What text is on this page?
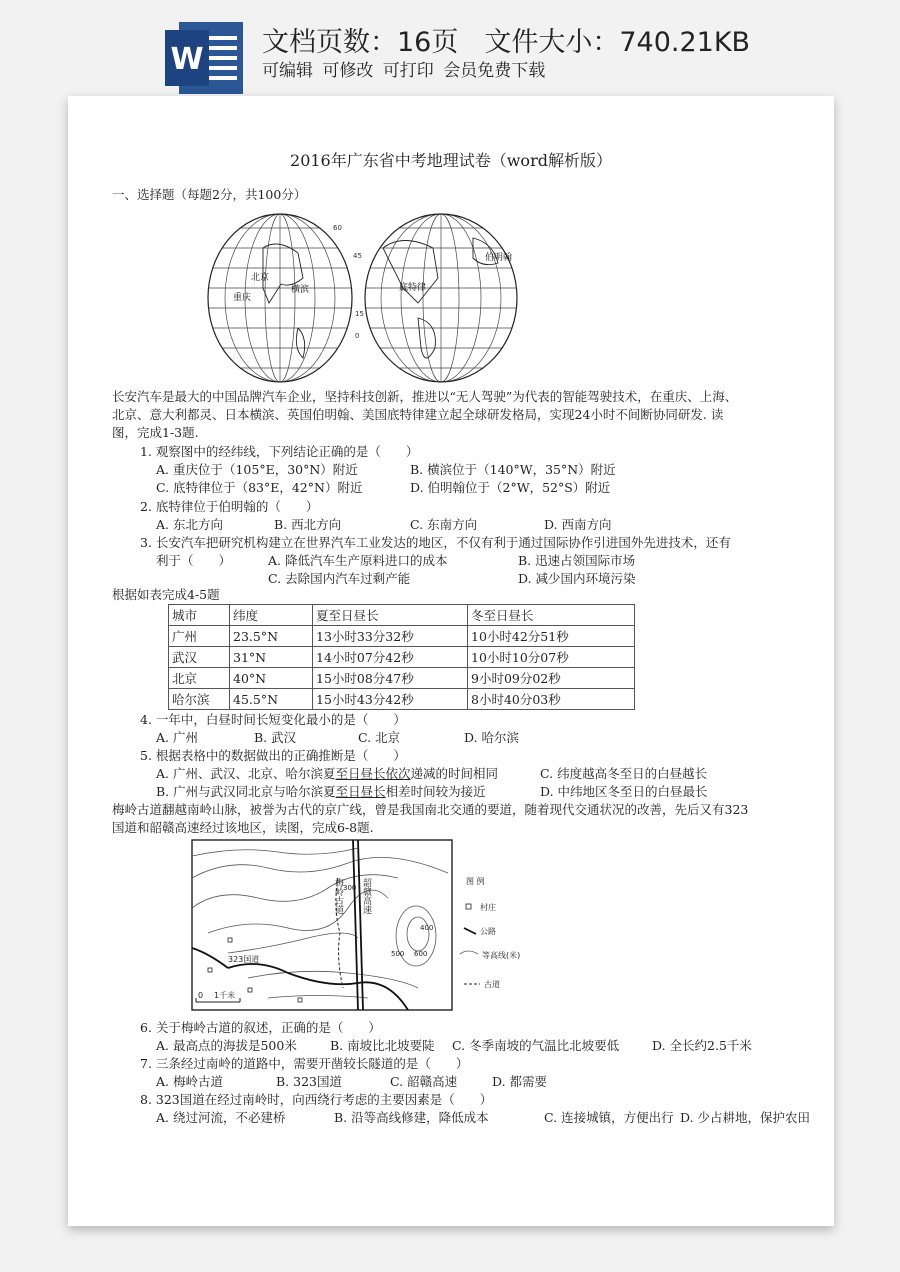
W 文档页数：16页 文件大小：740.21KB
可编辑 可修改 可打印 会员免费下载
2016年广东省中考地理试卷（word解析版）
一、选择题（每题2分，共100分）
北京
重庆
横滨	底特律
伯明翰
60
45
15
0
长安汽车是最大的中国品牌汽车企业，坚持科技创新，推进以“无人驾驶”为代表的智能驾驶技术，在重庆、上海、
北京、意大利都灵、日本横滨、英国伯明翰、美国底特律建立起全球研发格局，实现24小时不间断协同研发. 读
图，完成1-3题.
1. 观察图中的经纬线，下列结论正确的是（　　）
A. 重庆位于（105°E，30°N）附近	B. 横滨位于（140°W，35°N）附近
C. 底特律位于（83°E，42°N）附近	D. 伯明翰位于（2°W，52°S）附近
2. 底特律位于伯明翰的（　　）
A. 东北方向	B. 西北方向	C. 东南方向	D. 西南方向
3. 长安汽车把研究机构建立在世界汽车工业发达的地区，不仅有利于通过国际协作引进国外先进技术，还有
利于（　　）	A. 降低汽车生产原料进口的成本	B. 迅速占领国际市场
C. 去除国内汽车过剩产能	D. 减少国内环境污染
根据如表完成4-5题
城市	纬度	夏至日昼长	冬至日昼长
广州	23.5°N	13小时33分32秒	10小时42分51秒
武汉	31°N	14小时07分42秒	10小时10分07秒
北京	40°N	15小时08分47秒	9小时09分02秒
哈尔滨	45.5°N	15小时43分42秒	8小时40分03秒
4. 一年中，白昼时间长短变化最小的是（　　）
A. 广州	B. 武汉	C. 北京	D. 哈尔滨
5. 根据表格中的数据做出的正确推断是（　　）
A. 广州、武汉、北京、哈尔滨夏至日昼长依次递减的时间相同	C. 纬度越高冬至日的白昼越长
B. 广州与武汉同北京与哈尔滨夏至日昼长相差时间较为接近	D. 中纬地区冬至日的白昼最长
梅岭古道翻越南岭山脉，被誉为古代的京广线，曾是我国南北交通的要道，随着现代交通状况的改善，先后又有323
国道和韶赣高速经过该地区，读图，完成6-8题.
0 1千米
323国道
梅岭古道 韶赣高速
400
600
300
500
图 例
村庄
公路
等高线(米)
古道
6. 关于梅岭古道的叙述，正确的是（　　）
A. 最高点的海拔是500米	B. 南坡比北坡要陡 C. 冬季南坡的气温比北坡要低	D. 全长约2.5千米
7. 三条经过南岭的道路中，需要开凿较长隧道的是（　　）
A. 梅岭古道	B. 323国道	C. 韶赣高速	D. 都需要
8. 323国道在经过南岭时，向西绕行考虑的主要因素是（　　）
A. 绕过河流，不必建桥	B. 沿等高线修建，降低成本	C. 连接城镇，方便出行 D. 少占耕地，保护农田
